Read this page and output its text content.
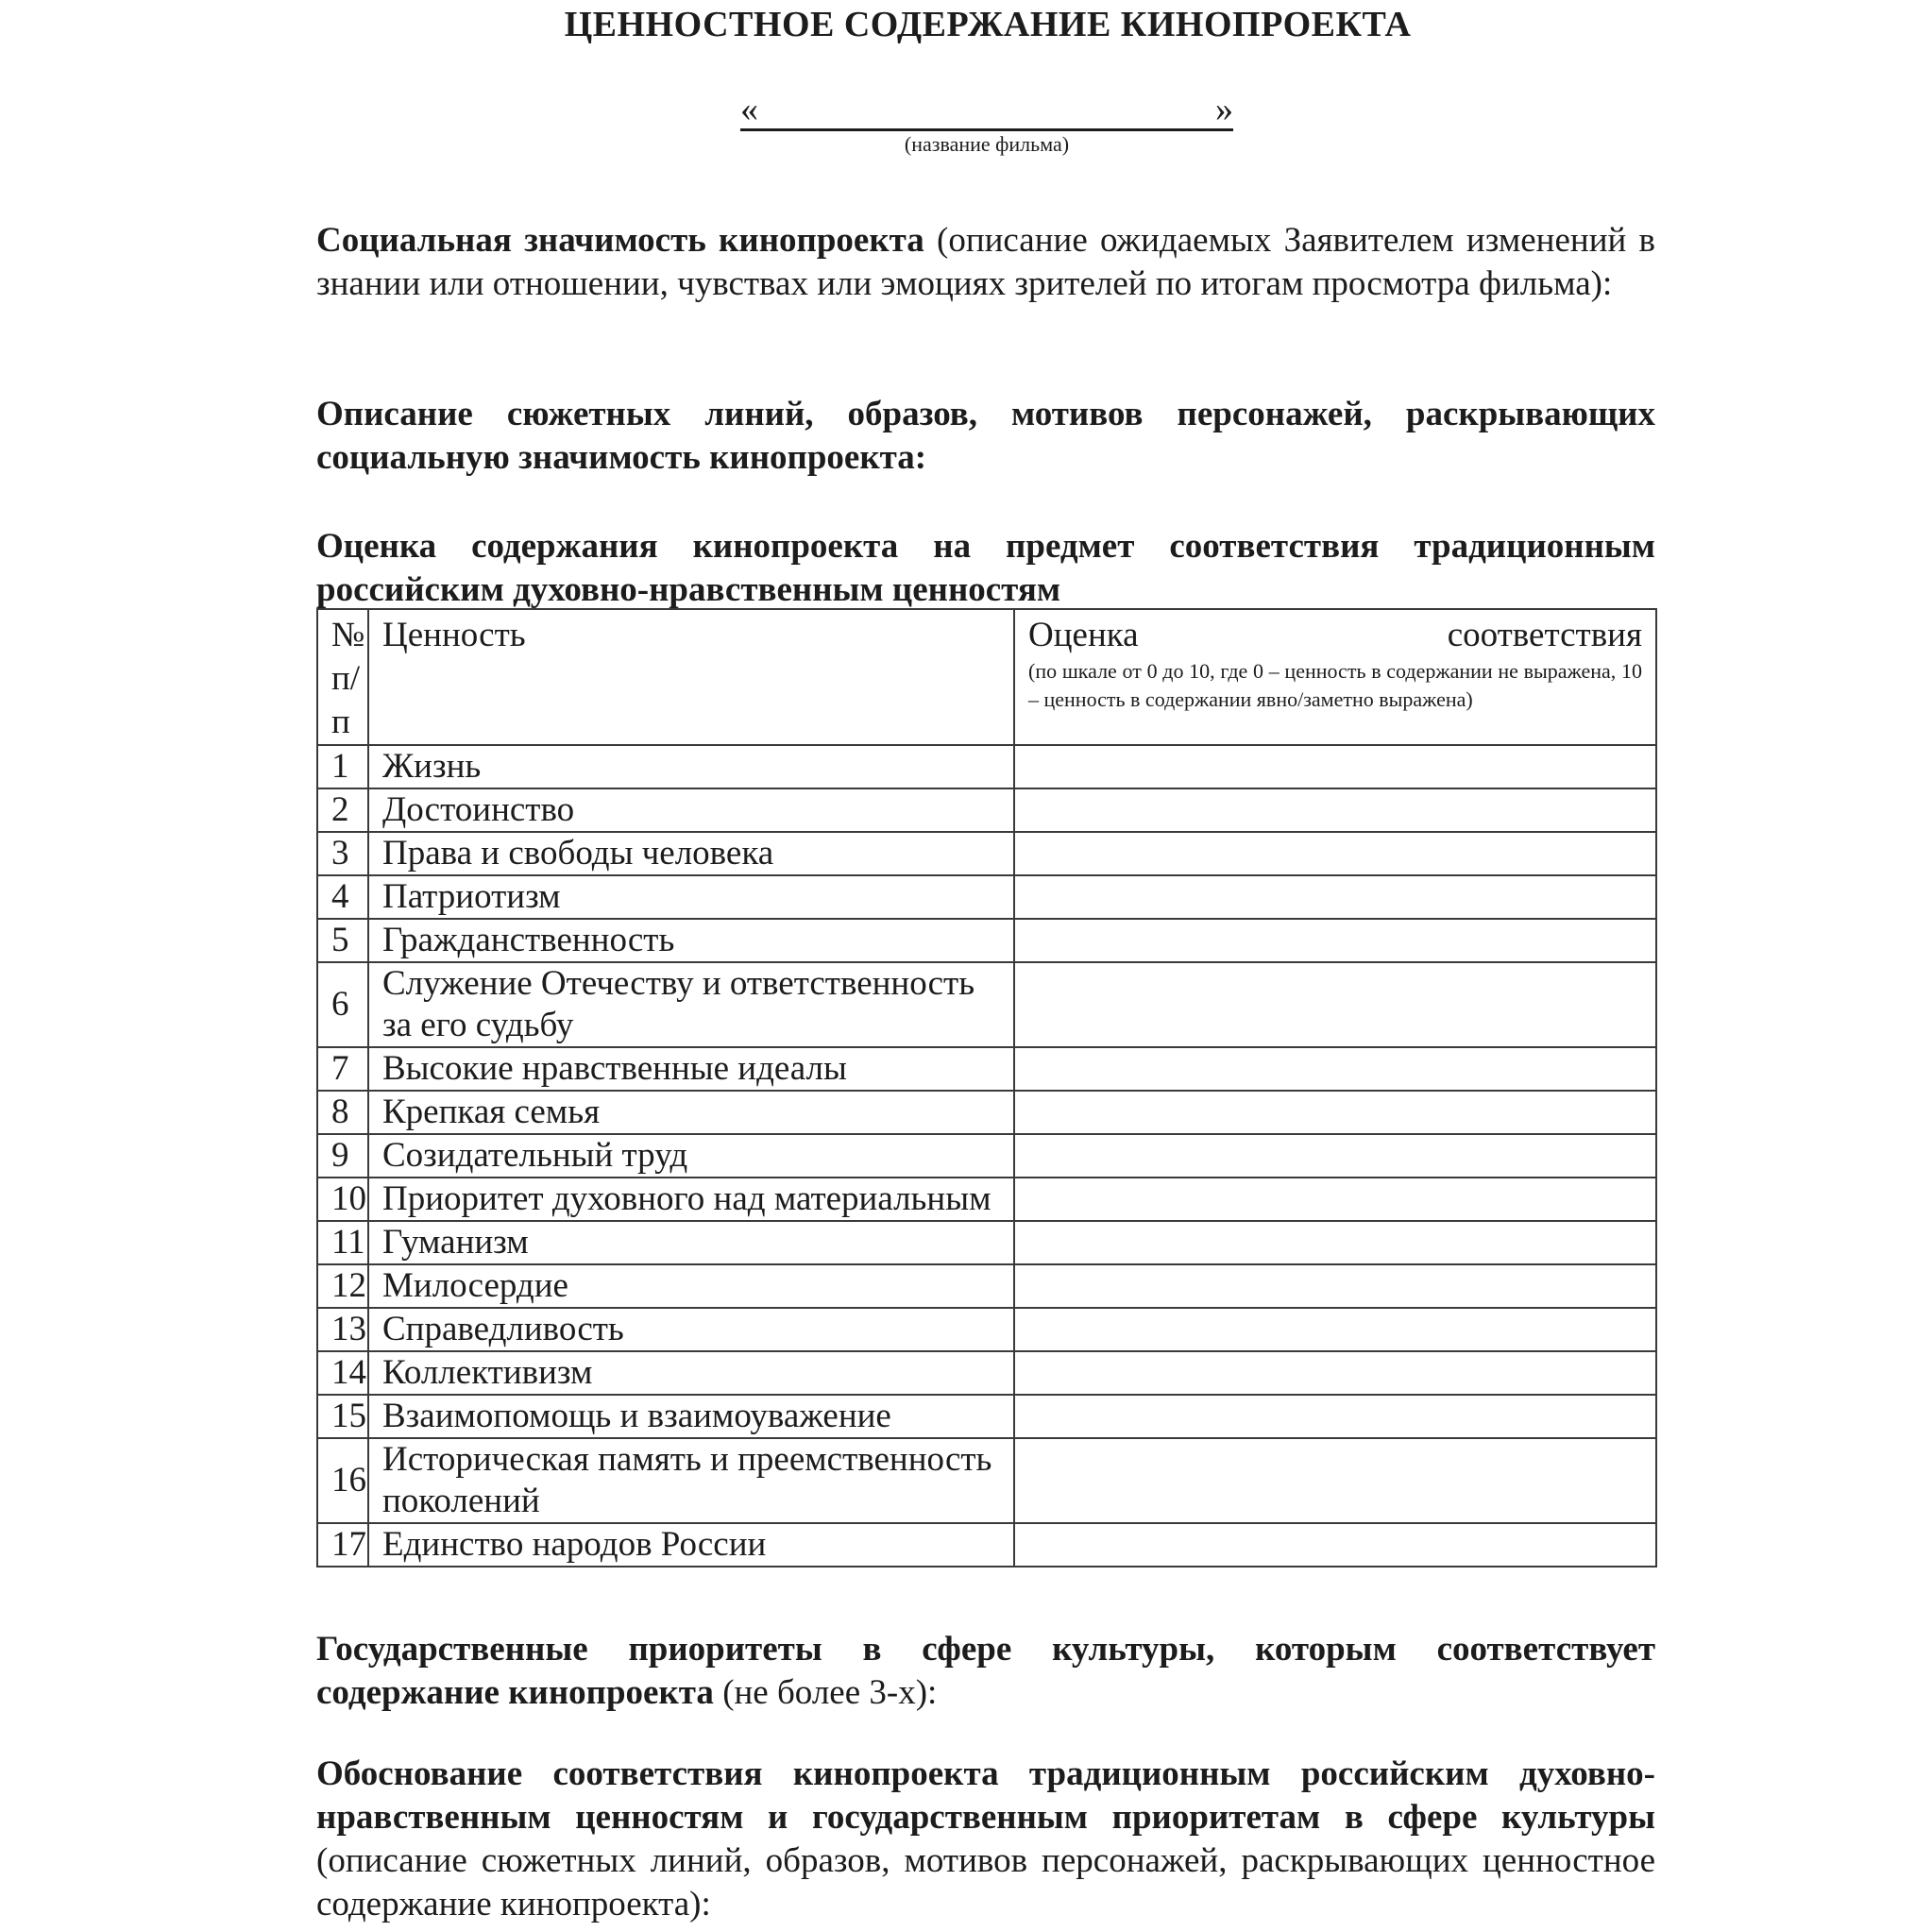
ЦЕННОСТНОЕ СОДЕРЖАНИЕ КИНОПРОЕКТА
«	»
(название фильма)
Социальная значимость кинопроекта (описание ожидаемых Заявителем изменений в знании или отношении, чувствах или эмоциях зрителей по итогам просмотра фильма):
Описание сюжетных линий, образов, мотивов персонажей, раскрывающих социальную значимость кинопроекта:
Оценка содержания кинопроекта на предмет соответствия традиционным российским духовно-нравственным ценностям
№ п/п	Ценность	Оценка соответствия
(по шкале от 0 до 10, где 0 – ценность в содержании не выражена, 10 – ценность в содержании явно/заметно выражена)

1	Жизнь	
2	Достоинство	
3	Права и свободы человека	
4	Патриотизм	
5	Гражданственность	
6	Служение Отечеству и ответственность за его судьбу	
7	Высокие нравственные идеалы	
8	Крепкая семья	
9	Созидательный труд	
10	Приоритет духовного над материальным	
11	Гуманизм	
12	Милосердие	
13	Справедливость	
14	Коллективизм	
15	Взаимопомощь и взаимоуважение	
16	Историческая память и преемственность поколений	
17	Единство народов России	
Государственные приоритеты в сфере культуры, которым соответствует содержание кинопроекта (не более 3-х):
Обоснование соответствия кинопроекта традиционным российским духовно-нравственным ценностям и государственным приоритетам в сфере культуры (описание сюжетных линий, образов, мотивов персонажей, раскрывающих ценностное содержание кинопроекта):
